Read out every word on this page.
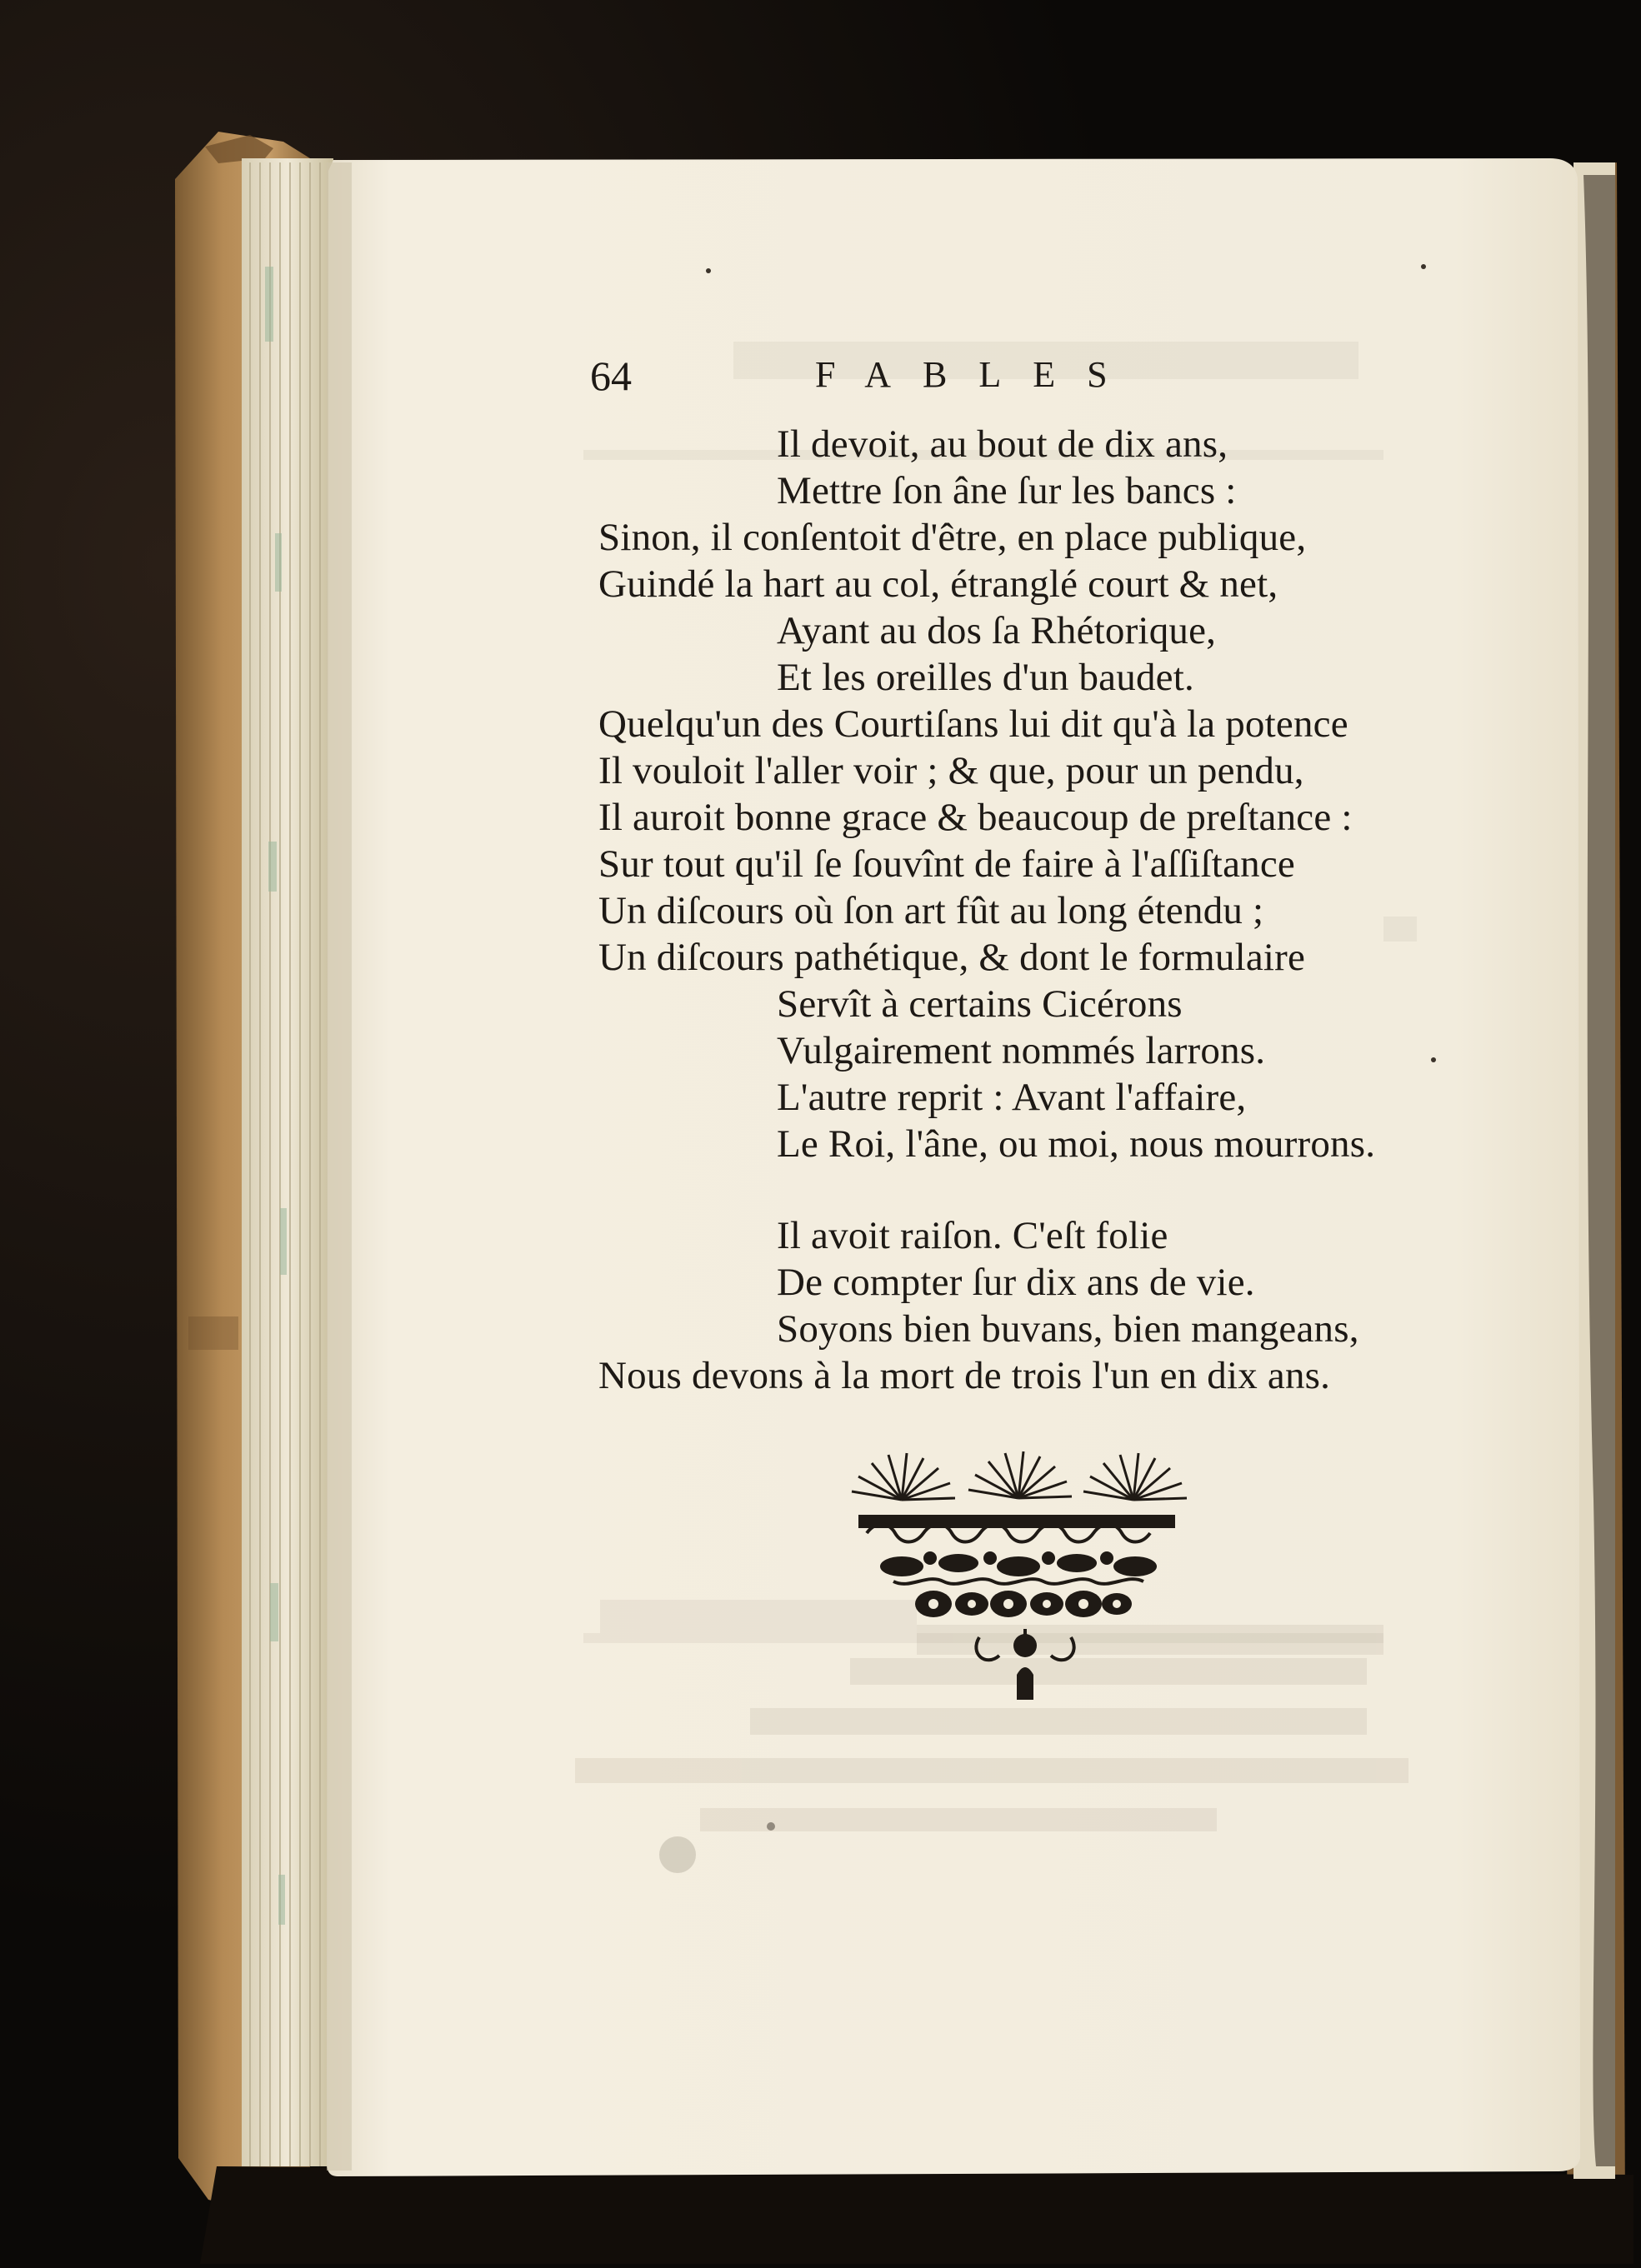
64	FABLES
Il devoit, au bout de dix ans,
Mettre ſon âne ſur les bancs :
Sinon, il conſentoit d'être, en place publique,
Guindé la hart au col, étranglé court & net,
Ayant au dos ſa Rhétorique,
Et les oreilles d'un baudet.
Quelqu'un des Courtiſans lui dit qu'à la potence
Il vouloit l'aller voir ; & que, pour un pendu,
Il auroit bonne grace & beaucoup de preſtance :
Sur tout qu'il ſe ſouvînt de faire à l'aſſiſtance
Un diſcours où ſon art fût au long étendu ;
Un diſcours pathétique, & dont le formulaire
Servît à certains Cicérons
Vulgairement nommés larrons.
L'autre reprit : Avant l'affaire,
Le Roi, l'âne, ou moi, nous mourrons.
Il avoit raiſon. C'eſt folie
De compter ſur dix ans de vie.
Soyons bien buvans, bien mangeans,
Nous devons à la mort de trois l'un en dix ans.
